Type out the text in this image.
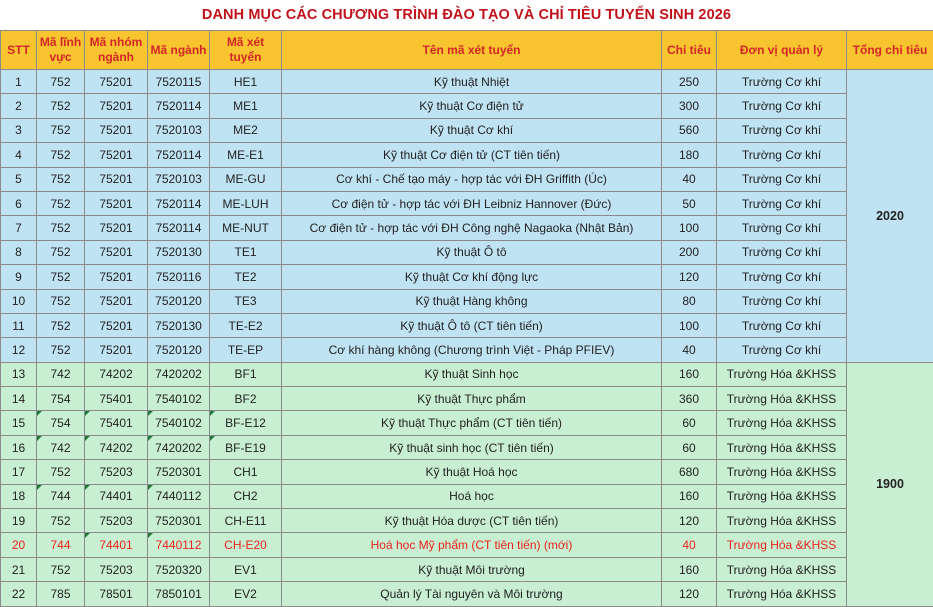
DANH MỤC CÁC CHƯƠNG TRÌNH ĐÀO TẠO VÀ CHỈ TIÊU TUYỂN SINH 2026
STT	Mã lĩnh vực	Mã nhóm ngành	Mã ngành	Mã xét tuyển	Tên mã xét tuyển	Chỉ tiêu	Đơn vị quản lý	Tổng chỉ tiêu
1	752	75201	7520115	HE1	Kỹ thuật Nhiệt	250	Trường Cơ khí	2020
2	752	75201	7520114	ME1	Kỹ thuật Cơ điện tử	300	Trường Cơ khí	
3	752	75201	7520103	ME2	Kỹ thuật Cơ khí	560	Trường Cơ khí	
4	752	75201	7520114	ME-E1	Kỹ thuật Cơ điện tử (CT tiên tiến)	180	Trường Cơ khí	
5	752	75201	7520103	ME-GU	Cơ khí - Chế tạo máy - hợp tác với ĐH Griffith (Úc)	40	Trường Cơ khí	
6	752	75201	7520114	ME-LUH	Cơ điện tử - hợp tác với ĐH Leibniz Hannover (Đức)	50	Trường Cơ khí	
7	752	75201	7520114	ME-NUT	Cơ điện tử - hợp tác với ĐH Công nghệ Nagaoka (Nhật Bản)	100	Trường Cơ khí	
8	752	75201	7520130	TE1	Kỹ thuật Ô tô	200	Trường Cơ khí	
9	752	75201	7520116	TE2	Kỹ thuật Cơ khí động lực	120	Trường Cơ khí	
10	752	75201	7520120	TE3	Kỹ thuật Hàng không	80	Trường Cơ khí	
11	752	75201	7520130	TE-E2	Kỹ thuật Ô tô (CT tiên tiến)	100	Trường Cơ khí	
12	752	75201	7520120	TE-EP	Cơ khí hàng không (Chương trình Việt - Pháp PFIEV)	40	Trường Cơ khí	
13	742	74202	7420202	BF1	Kỹ thuật Sinh học	160	Trường Hóa &KHSS	1900
14	754	75401	7540102	BF2	Kỹ thuật Thực phẩm	360	Trường Hóa &KHSS	
15	754	75401	7540102	BF-E12	Kỹ thuật Thực phẩm (CT tiên tiến)	60	Trường Hóa &KHSS	
16	742	74202	7420202	BF-E19	Kỹ thuật sinh học (CT tiên tiến)	60	Trường Hóa &KHSS	
17	752	75203	7520301	CH1	Kỹ thuật Hoá học	680	Trường Hóa &KHSS	
18	744	74401	7440112	CH2	Hoá học	160	Trường Hóa &KHSS	
19	752	75203	7520301	CH-E11	Kỹ thuật Hóa dược (CT tiên tiến)	120	Trường Hóa &KHSS	
20	744	74401	7440112	CH-E20	Hoá học Mỹ phẩm (CT tiên tiến) (mới)	40	Trường Hóa &KHSS	
21	752	75203	7520320	EV1	Kỹ thuật Môi trường	160	Trường Hóa &KHSS	
22	785	78501	7850101	EV2	Quản lý Tài nguyên và Môi trường	120	Trường Hóa &KHSS	
